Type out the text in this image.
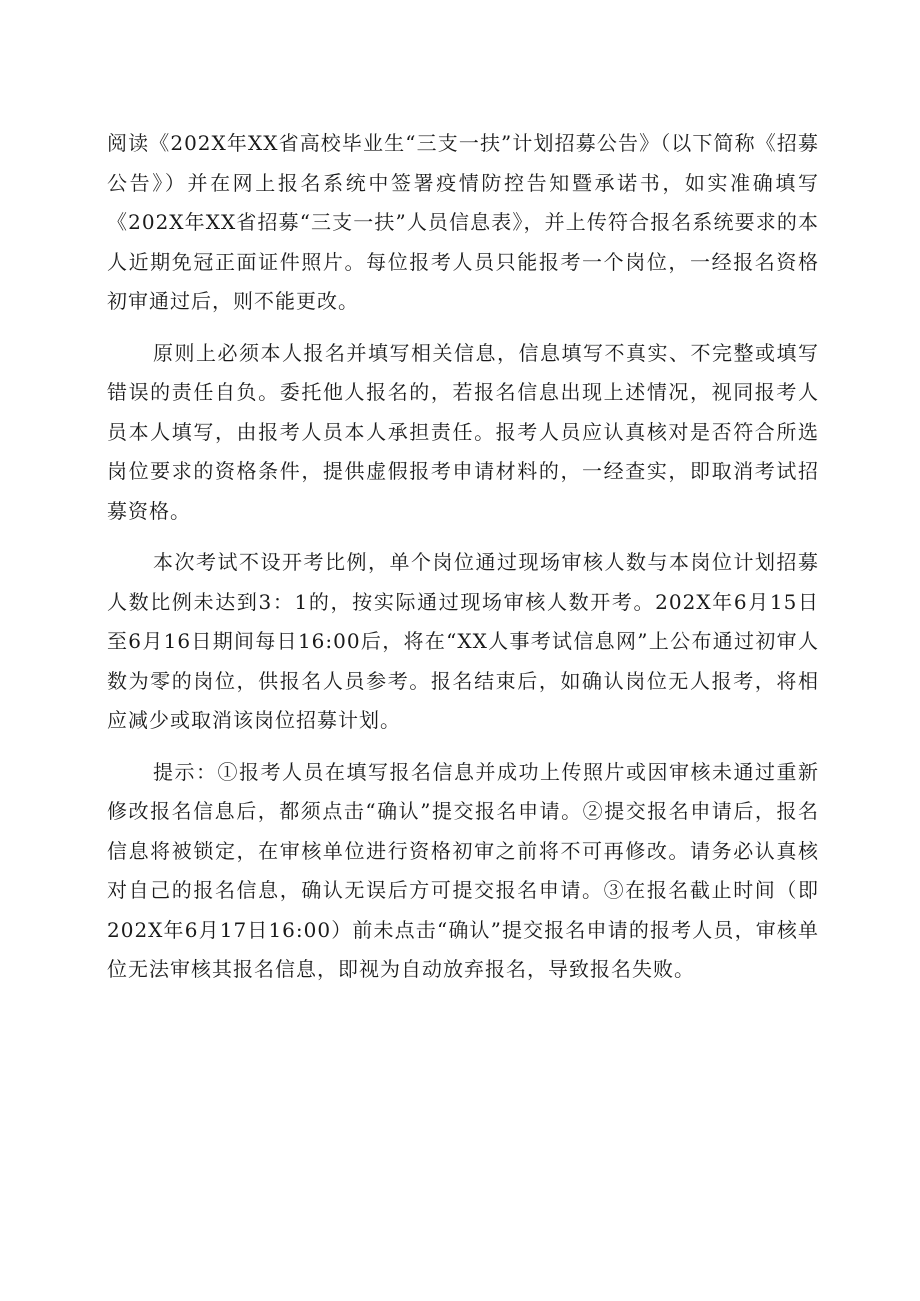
阅读《202X年XX省高校毕业生“三支一扶”计划招募公告》（以下简称《招募公告》）并在网上报名系统中签署疫情防控告知暨承诺书，如实准确填写《202X年XX省招募“三支一扶”人员信息表》，并上传符合报名系统要求的本人近期免冠正面证件照片。每位报考人员只能报考一个岗位，一经报名资格初审通过后，则不能更改。

原则上必须本人报名并填写相关信息，信息填写不真实、不完整或填写错误的责任自负。委托他人报名的，若报名信息出现上述情况，视同报考人员本人填写，由报考人员本人承担责任。报考人员应认真核对是否符合所选岗位要求的资格条件，提供虚假报考申请材料的，一经查实，即取消考试招募资格。

本次考试不设开考比例，单个岗位通过现场审核人数与本岗位计划招募人数比例未达到3：1的，按实际通过现场审核人数开考。202X年6月15日至6月16日期间每日16:00后，将在“XX人事考试信息网”上公布通过初审人数为零的岗位，供报名人员参考。报名结束后，如确认岗位无人报考，将相应减少或取消该岗位招募计划。

提示：①报考人员在填写报名信息并成功上传照片或因审核未通过重新修改报名信息后，都须点击“确认”提交报名申请。②提交报名申请后，报名信息将被锁定，在审核单位进行资格初审之前将不可再修改。请务必认真核对自己的报名信息，确认无误后方可提交报名申请。③在报名截止时间（即202X年6月17日16:00）前未点击“确认”提交报名申请的报考人员，审核单位无法审核其报名信息，即视为自动放弃报名，导致报名失败。
